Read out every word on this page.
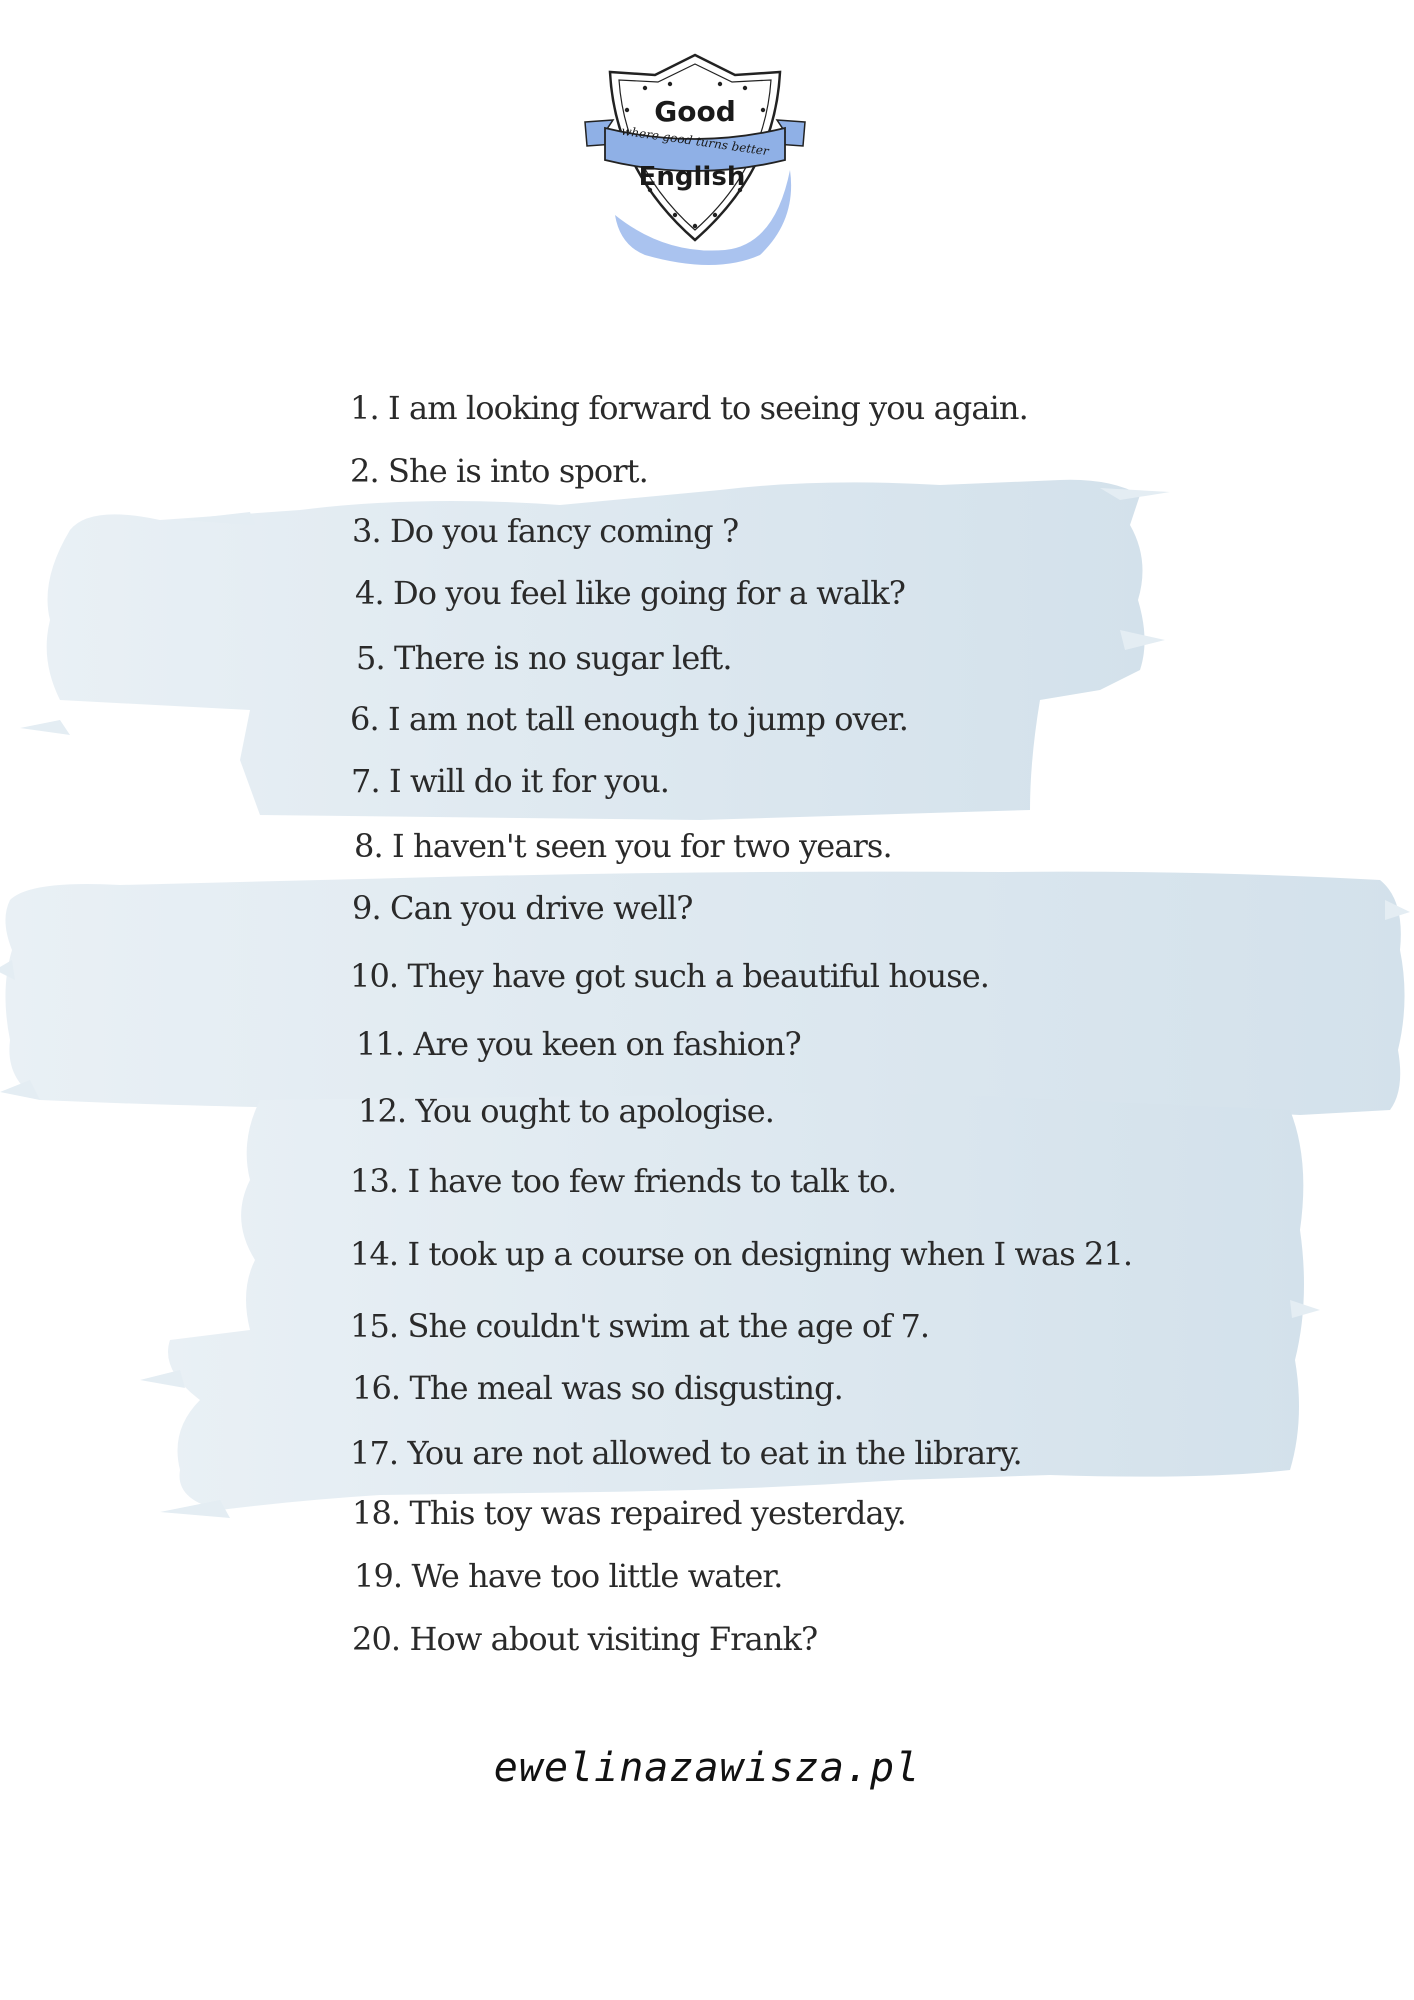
Good
where good turns better
English
1. I am looking forward to seeing you again.
2. She is into sport.
3. Do you fancy coming ?
4. Do you feel like going for a walk?
5. There is no sugar left.
6. I am not tall enough to jump over.
7. I will do it for you.
8. I haven't seen you for two years.
9. Can you drive well?
10. They have got such a beautiful house.
11. Are you keen on fashion?
12. You ought to apologise.
13. I have too few friends to talk to.
14. I took up a course on designing when I was 21.
15. She couldn't swim at the age of 7.
16. The meal was so disgusting.
17. You are not allowed to eat in the library.
18. This toy was repaired yesterday.
19. We have too little water.
20. How about visiting Frank?
ewelinazawisza.pl
